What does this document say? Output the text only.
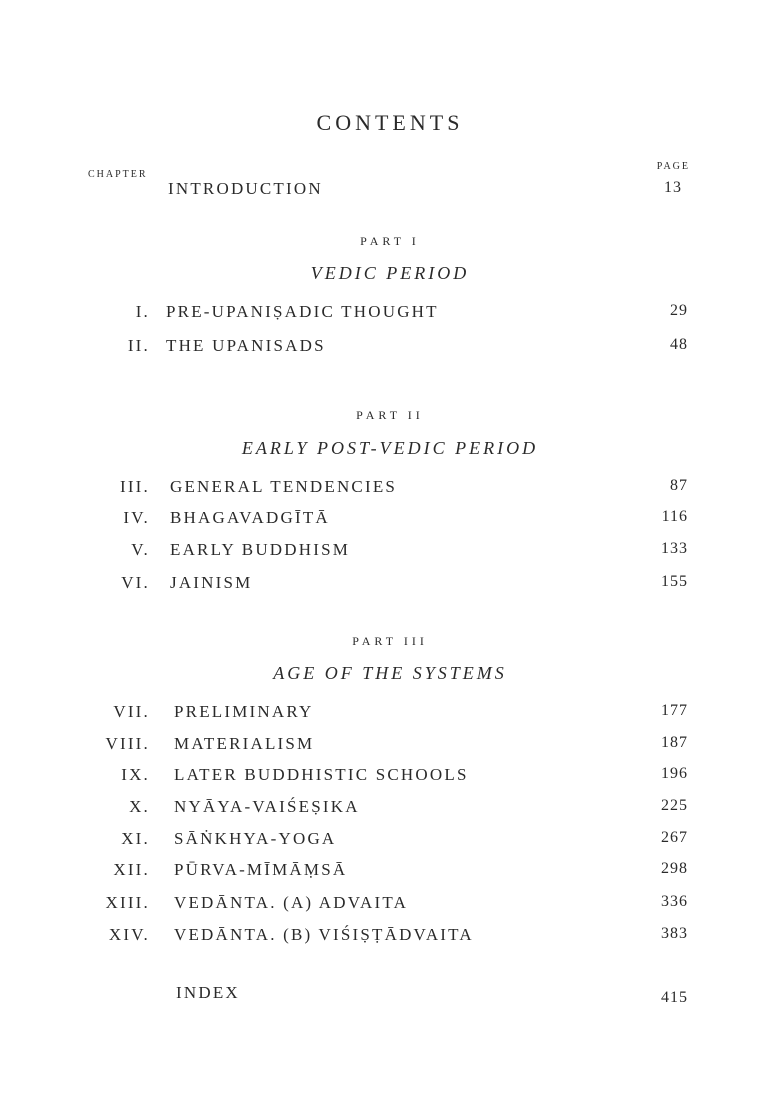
CONTENTS
CHAPTER
PAGE
INTRODUCTION	13
PART I
VEDIC PERIOD
I. PRE-UPANIṢADIC THOUGHT	29
II. THE UPANISADS	48
PART II
EARLY POST-VEDIC PERIOD
III. GENERAL TENDENCIES	87
IV. BHAGAVADGĪTĀ	116
V. EARLY BUDDHISM	133
VI. JAINISM	155
PART III
AGE OF THE SYSTEMS
VII. PRELIMINARY	177
VIII. MATERIALISM	187
IX. LATER BUDDHISTIC SCHOOLS	196
X. NYĀYA-VAIŚEṢIKA	225
XI. SĀṄKHYA-YOGA	267
XII. PŪRVA-MĪMĀṂSĀ	298
XIII. VEDĀNTA. (A) ADVAITA	336
XIV. VEDĀNTA. (B) VIŚIṢṬĀDVAITA	383
INDEX	415
